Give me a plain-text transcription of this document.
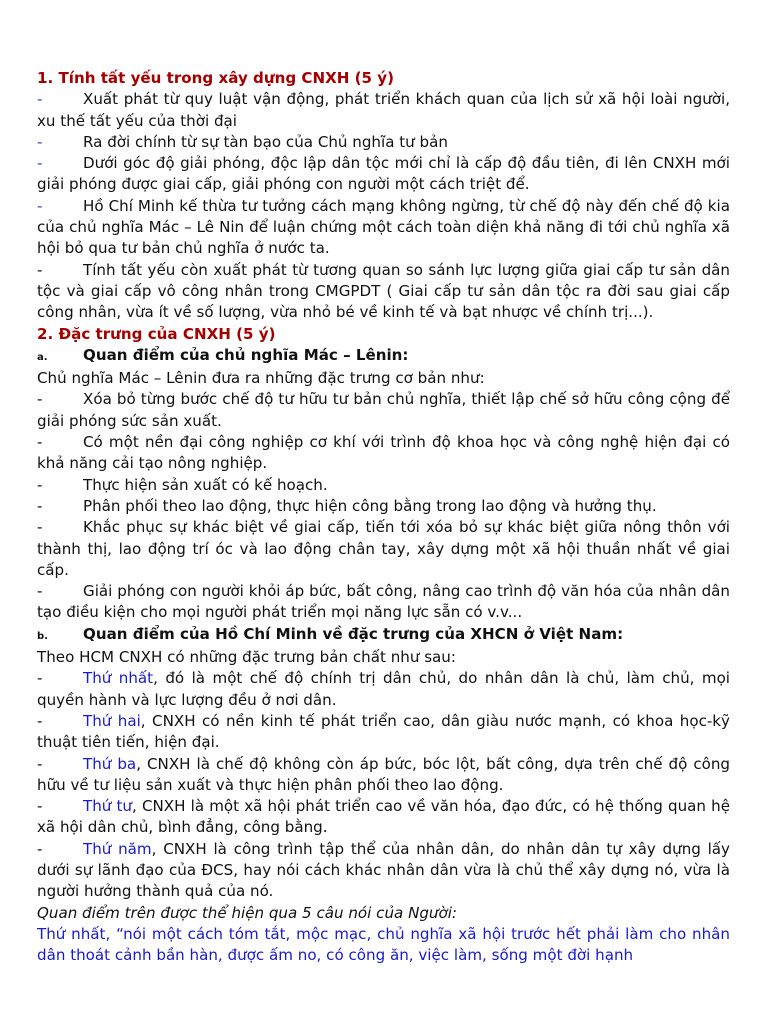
1. Tính tất yếu trong xây dựng CNXH (5 ý)
-	Xuất phát từ quy luật vận động, phát triển khách quan của lịch sử xã hội loài người, xu thế tất yếu của thời đại
-	Ra đời chính từ sự tàn bạo của Chủ nghĩa tư bản
-	Dưới góc độ giải phóng, độc lập dân tộc mới chỉ là cấp độ đầu tiên, đi lên CNXH mới giải phóng được giai cấp, giải phóng con người một cách triệt để.
-	Hồ Chí Minh kế thừa tư tưởng cách mạng không ngừng, từ chế độ này đến chế độ kia của chủ nghĩa Mác – Lê Nin để luận chứng một cách toàn diện khả năng đi tới chủ nghĩa xã hội bỏ qua tư bản chủ nghĩa ở nước ta.
-	Tính tất yếu còn xuất phát từ tương quan so sánh lực lượng giữa giai cấp tư sản dân tộc và giai cấp vô công nhân trong CMGPDT ( Giai cấp tư sản dân tộc ra đời sau giai cấp công nhân, vừa ít về số lượng, vừa nhỏ bé về kinh tế và bạt nhược về chính trị...).
2. Đặc trưng của CNXH (5 ý)
a. Quan điểm của chủ nghĩa Mác – Lênin:
Chủ nghĩa Mác – Lênin đưa ra những đặc trưng cơ bản như:
-	Xóa bỏ từng bước chế độ tư hữu tư bản chủ nghĩa, thiết lập chế sở hữu công cộng để giải phóng sức sản xuất.
-	Có một nền đại công nghiệp cơ khí với trình độ khoa học và công nghệ hiện đại có khả năng cải tạo nông nghiệp.
-	Thực hiện sản xuất có kế hoạch.
-	Phân phối theo lao động, thực hiện công bằng trong lao động và hưởng thụ.
-	Khắc phục sự khác biệt về giai cấp, tiến tới xóa bỏ sự khác biệt giữa nông thôn với thành thị, lao động trí óc và lao động chân tay, xây dựng một xã hội thuần nhất về giai cấp.
-	Giải phóng con người khỏi áp bức, bất công, nâng cao trình độ văn hóa của nhân dân tạo điều kiện cho mọi người phát triển mọi năng lực sẵn có v.v...
b. Quan điểm của Hồ Chí Minh về đặc trưng của XHCN ở Việt Nam:
Theo HCM CNXH có những đặc trưng bản chất như sau:
-	Thứ nhất, đó là một chế độ chính trị dân chủ, do nhân dân là chủ, làm chủ, mọi quyền hành và lực lượng đều ở nơi dân.
-	Thứ hai, CNXH có nền kinh tế phát triển cao, dân giàu nước mạnh, có khoa học-kỹ thuật tiên tiến, hiện đại.
-	Thứ ba, CNXH là chế độ không còn áp bức, bóc lột, bất công, dựa trên chế độ công hữu về tư liệu sản xuất và thực hiện phân phối theo lao động.
-	Thứ tư, CNXH là một xã hội phát triển cao về văn hóa, đạo đức, có hệ thống quan hệ xã hội dân chủ, bình đẳng, công bằng.
-	Thứ năm, CNXH là công trình tập thể của nhân dân, do nhân dân tự xây dựng lấy dưới sự lãnh đạo của ĐCS, hay nói cách khác nhân dân vừa là chủ thể xây dựng nó, vừa là người hưởng thành quả của nó.
Quan điểm trên được thể hiện qua 5 câu nói của Người:
Thứ nhất, “nói một cách tóm tắt, mộc mạc, chủ nghĩa xã hội trước hết phải làm cho nhân dân thoát cảnh bần hàn, được ấm no, có công ăn, việc làm, sống một đời hạnh
